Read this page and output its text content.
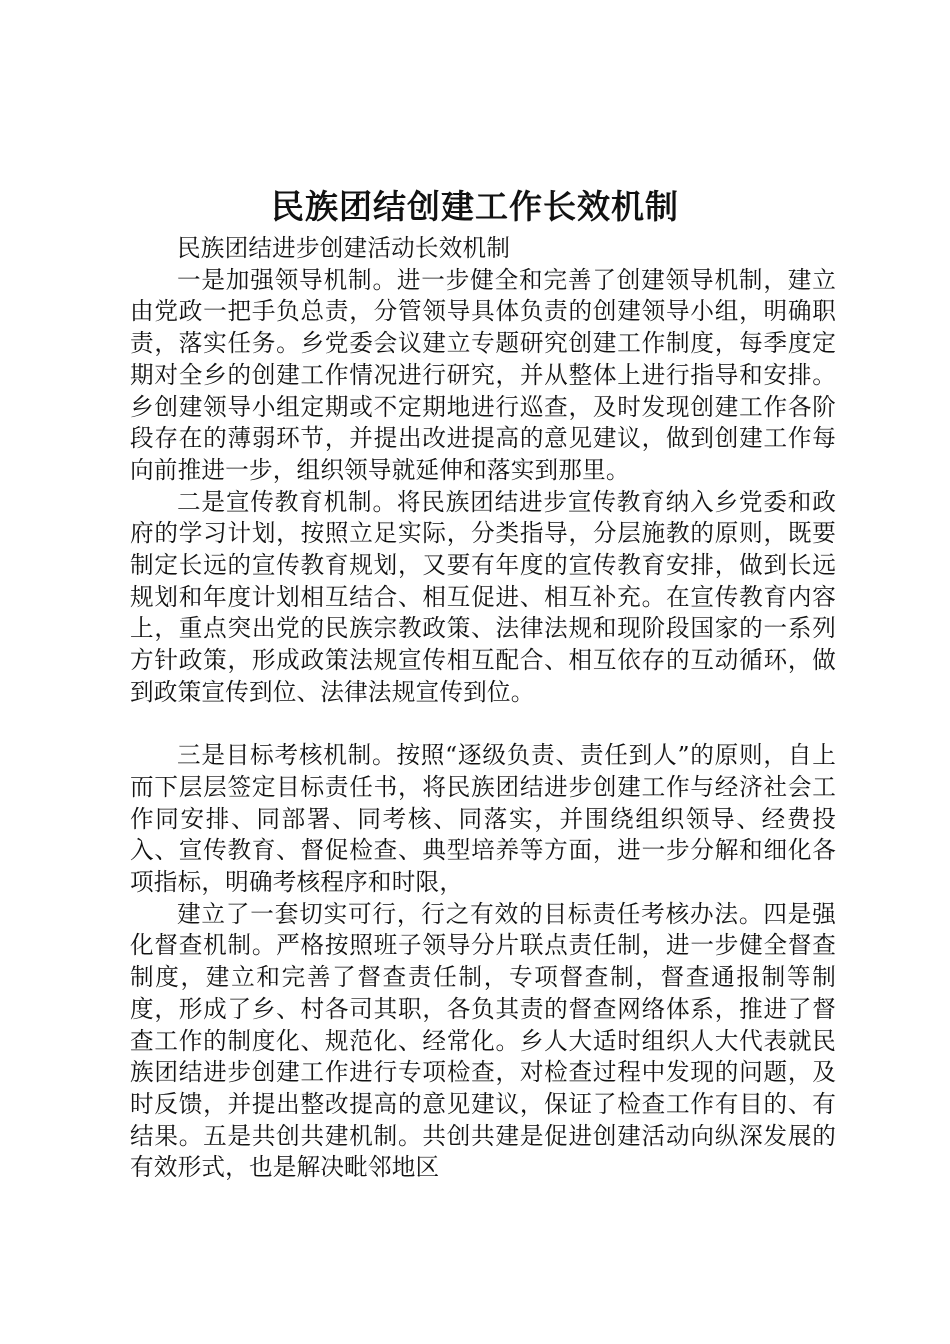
民族团结创建工作长效机制

民族团结进步创建活动长效机制

一是加强领导机制。进一步健全和完善了创建领导机制，建立由党政一把手负总责，分管领导具体负责的创建领导小组，明确职责，落实任务。乡党委会议建立专题研究创建工作制度，每季度定期对全乡的创建工作情况进行研究，并从整体上进行指导和安排。乡创建领导小组定期或不定期地进行巡查，及时发现创建工作各阶段存在的薄弱环节，并提出改进提高的意见建议，做到创建工作每向前推进一步，组织领导就延伸和落实到那里。

二是宣传教育机制。将民族团结进步宣传教育纳入乡党委和政府的学习计划，按照立足实际，分类指导，分层施教的原则，既要制定长远的宣传教育规划，又要有年度的宣传教育安排，做到长远规划和年度计划相互结合、相互促进、相互补充。在宣传教育内容上，重点突出党的民族宗教政策、法律法规和现阶段国家的一系列方针政策，形成政策法规宣传相互配合、相互依存的互动循环，做到政策宣传到位、法律法规宣传到位。

三是目标考核机制。按照“逐级负责、责任到人”的原则，自上而下层层签定目标责任书，将民族团结进步创建工作与经济社会工作同安排、同部署、同考核、同落实，并围绕组织领导、经费投入、宣传教育、督促检查、典型培养等方面，进一步分解和细化各项指标，明确考核程序和时限，

建立了一套切实可行，行之有效的目标责任考核办法。四是强化督查机制。严格按照班子领导分片联点责任制，进一步健全督查制度，建立和完善了督查责任制，专项督查制，督查通报制等制度，形成了乡、村各司其职，各负其责的督查网络体系，推进了督查工作的制度化、规范化、经常化。乡人大适时组织人大代表就民族团结进步创建工作进行专项检查，对检查过程中发现的问题，及时反馈，并提出整改提高的意见建议，保证了检查工作有目的、有结果。五是共创共建机制。共创共建是促进创建活动向纵深发展的有效形式，也是解决毗邻地区
